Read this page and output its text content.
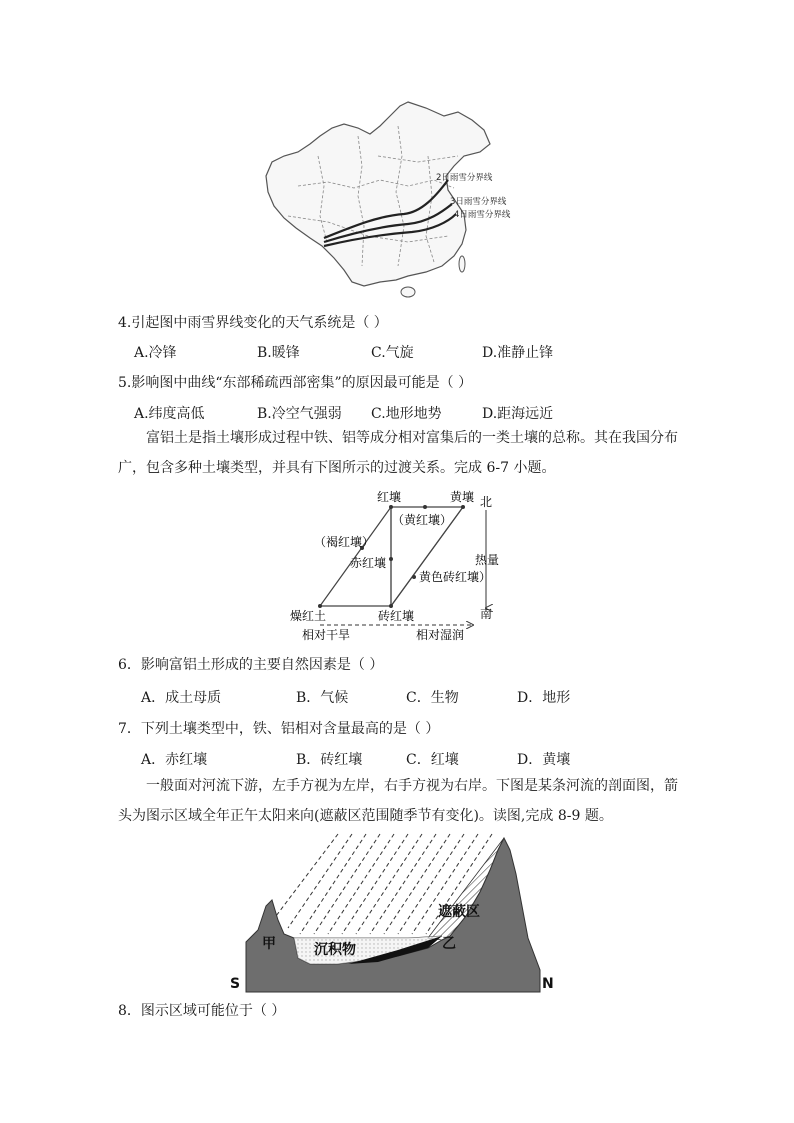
2日雨雪分界线
3日雨雪分界线
4日雨雪分界线
4.引起图中雨雪界线变化的天气系统是（ ）
A.冷锋	B.暖锋	C.气旋	D.准静止锋
5.影响图中曲线“东部稀疏西部密集”的原因最可能是（ ）
A.纬度高低	B.冷空气强弱 C.地形地势	D.距海远近
富铝土是指土壤形成过程中铁、铝等成分相对富集后的一类土壤的总称。其在我国分布广，包含多种土壤类型，并具有下图所示的过渡关系。完成 6-7 小题。
红壤	黄壤 北
（黄红壤）
（褐红壤）
热量
赤红壤
黄色砖红壤）
燥红土	砖红壤	南
相对干旱	相对湿润
6．影响富铝土形成的主要自然因素是（ ）
A．成土母质	B．气候	C．生物	D．地形
7．下列土壤类型中，铁、铝相对含量最高的是（ ）
A．赤红壤	B．砖红壤	C．红壤	D．黄壤
一般面对河流下游，左手方视为左岸，右手方视为右岸。下图是某条河流的剖面图，箭头为图示区域全年正午太阳来向(遮蔽区范围随季节有变化)。读图,完成 8-9 题。
遮蔽区
甲	乙
沉积物
S	N
8．图示区域可能位于（ ）
